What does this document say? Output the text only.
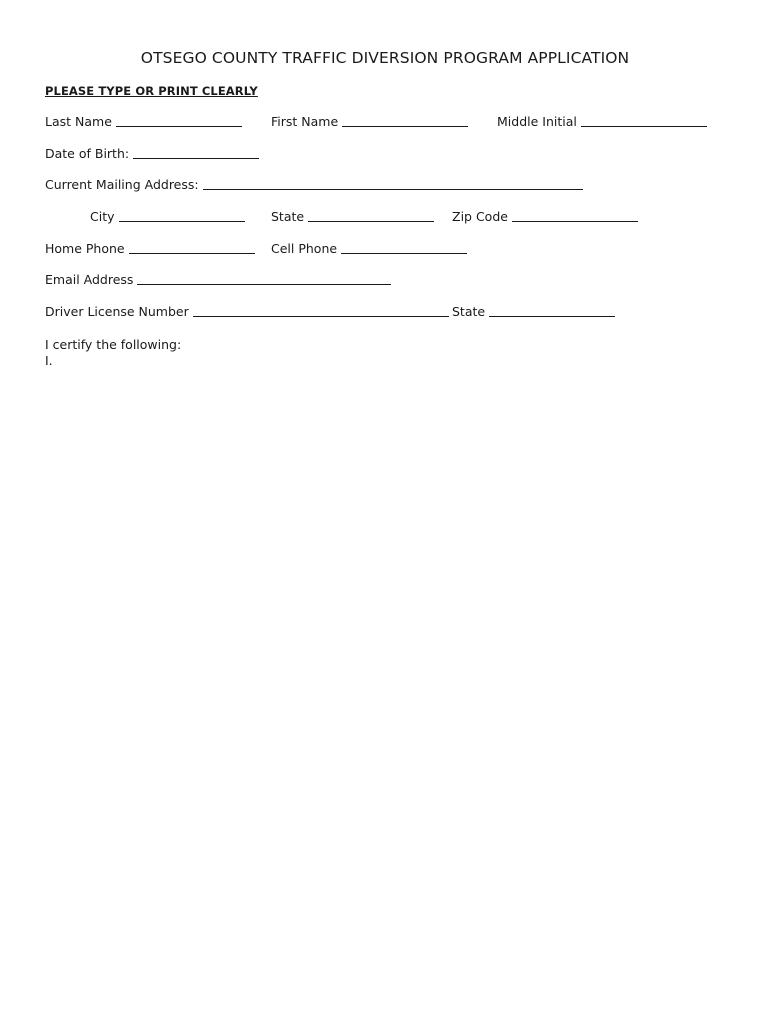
OTSEGO COUNTY TRAFFIC DIVERSION PROGRAM APPLICATION
PLEASE TYPE OR PRINT CLEARLY
Last Name	First Name	Middle Initial
Date of Birth:
Current Mailing Address:
City	State	Zip Code
Home Phone	Cell Phone
Email Address
Driver License Number	State
I certify the following:
I.
